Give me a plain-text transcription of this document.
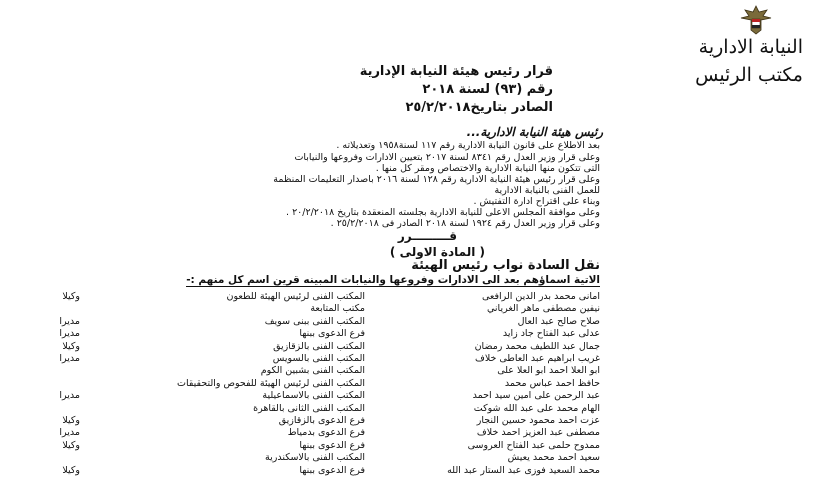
النيابة الادارية
مكتب الرئيس
قرار رئيس هيئة النيابة الإدارية
رقم (٩٣) لسنة ٢٠١٨
الصادر بتاريخ٢٥/٢/٢٠١٨
رئيس هيئة النيابة الادارية...
بعد الاطلاع على قانون النيابة الادارية رقم ١١٧ لسنة١٩٥٨ وتعديلاته .
وعلى قرار وزير العدل رقم ٨٣٤١ لسنة ٢٠١٧ بتعيين الادارات وفروعها والنيابات
التى تتكون منها النيابة الادارية والاختصاص ومقر كل منها .
وعلى قرار رئيس هيئة النيابة الادارية رقم ١٢٨ لسنة ٢٠١٦ باصدار التعليمات المنظمة
للعمل الفنى بالنيابة الادارية
وبناء على اقتراح ادارة التفتيش .
وعلى موافقة المجلس الاعلى للنيابة الادارية بجلسته المنعقدة بتاريخ ٢٠/٢/٢٠١٨ .
وعلى قرار وزير العدل رقم ١٩٢٤ لسنة ٢٠١٨ الصادر فى ٢٥/٢/٢٠١٨ .
قـــــــــرر
( المادة الاولى )
نقل السادة نواب رئيس الهيئة
الاتية اسماؤهم بعد الى الادارات وفروعها والنيابات المبينه قرين اسم كل منهم :-
امانى محمد بدر الدين الرافعى
المكتب الفنى لرئيس الهيئة للطعون
وكيلا
نيفين مصطفى ماهر الغرياني
مكتب المتابعة
صلاح صالح عبد العال
المكتب الفنى ببنى سويف
مديرا
عدلى عبد الفتاح جاد زايد
فرع الدعوى ببنها
مديرا
جمال عبد اللطيف محمد رمضان
المكتب الفنى بالزقازيق
وكيلا
غريب ابراهيم عبد العاطى خلاف
المكتب الفنى بالسويس
مديرا
ابو العلا احمد ابو العلا على
المكتب الفنى بشبين الكوم
حافظ احمد عباس محمد
المكتب الفنى لرئيس الهيئة للفحوص والتحقيقات
عبد الرحمن على امين سيد احمد
المكتب الفنى بالاسماعيلية
مديرا
الهام محمد على عبد الله شوكت
المكتب الفنى الثانى بالقاهرة
عزت احمد محمود حسين النجار
فرع الدعوى بالزقازيق
وكيلا
مصطفى عبد العزيز احمد خلاف
فرع الدعوى بدمياط
مديرا
ممدوح حلمى عبد الفتاح العروسى
فرع الدعوى ببنها
وكيلا
سعيد احمد محمد يعيش
المكتب الفنى بالاسكندرية
محمد السعيد فوزى عبد الستار عبد الله
فرع الدعوى ببنها
وكيلا
